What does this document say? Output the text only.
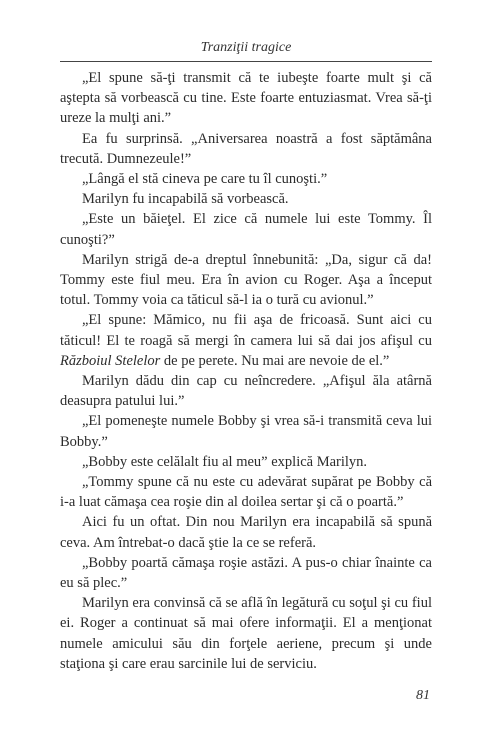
Tranziţii tragice

„El spune să-ţi transmit că te iubeşte foarte mult şi că aştepta să vorbească cu tine. Este foarte entuziasmat. Vrea să-ţi ureze la mulţi ani.”

Ea fu surprinsă. „Aniversarea noastră a fost săptămâna trecută. Dumnezeule!”

„Lângă el stă cineva pe care tu îl cunoşti.”

Marilyn fu incapabilă să vorbească.

„Este un băieţel. El zice că numele lui este Tommy. Îl cunoşti?”

Marilyn strigă de-a dreptul înnebunită: „Da, sigur că da! Tommy este fiul meu. Era în avion cu Roger. Aşa a început totul. Tommy voia ca tăticul să-l ia o tură cu avionul.”

„El spune: Mămico, nu fii aşa de fricoasă. Sunt aici cu tăticul! El te roagă să mergi în camera lui să dai jos afişul cu Războiul Stelelor de pe perete. Nu mai are nevoie de el.”

Marilyn dădu din cap cu neîncredere. „Afişul ăla atârnă deasupra patului lui.”

„El pomeneşte numele Bobby şi vrea să-i transmită ceva lui Bobby.”

„Bobby este celălalt fiu al meu” explică Marilyn.

„Tommy spune că nu este cu adevărat supărat pe Bobby că i-a luat cămaşa cea roşie din al doilea sertar şi că o poartă.”

Aici fu un oftat. Din nou Marilyn era incapabilă să spună ceva. Am întrebat-o dacă ştie la ce se referă.

„Bobby poartă cămaşa roşie astăzi. A pus-o chiar înainte ca eu să plec.”

Marilyn era convinsă că se află în legătură cu soţul şi cu fiul ei. Roger a continuat să mai ofere informaţii. El a menţionat numele amicului său din forţele aeriene, precum şi unde staţiona şi care erau sarcinile lui de serviciu.

81
